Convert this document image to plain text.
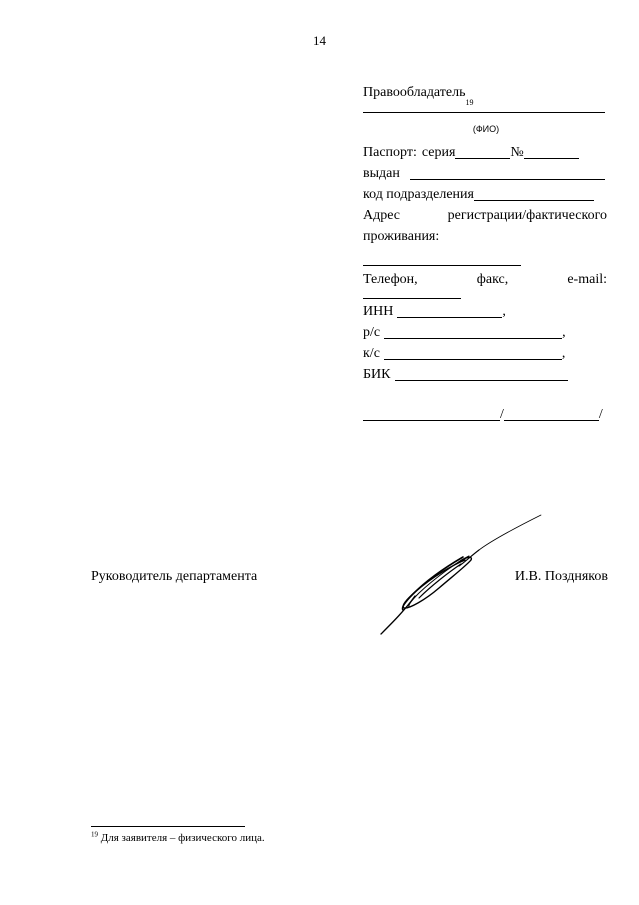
14
Правообладатель
19
(ФИО)
Паспорт: серия	№
выдан
код подразделения
Адрес	регистрации/фактического
проживания:
Телефон,	факс,	e-mail:
ИНН	,
р/с	,
к/с	,
БИК
/	/
Руководитель департамента	И.В. Поздняков
$^{19}$ Для заявителя – физического лица.
